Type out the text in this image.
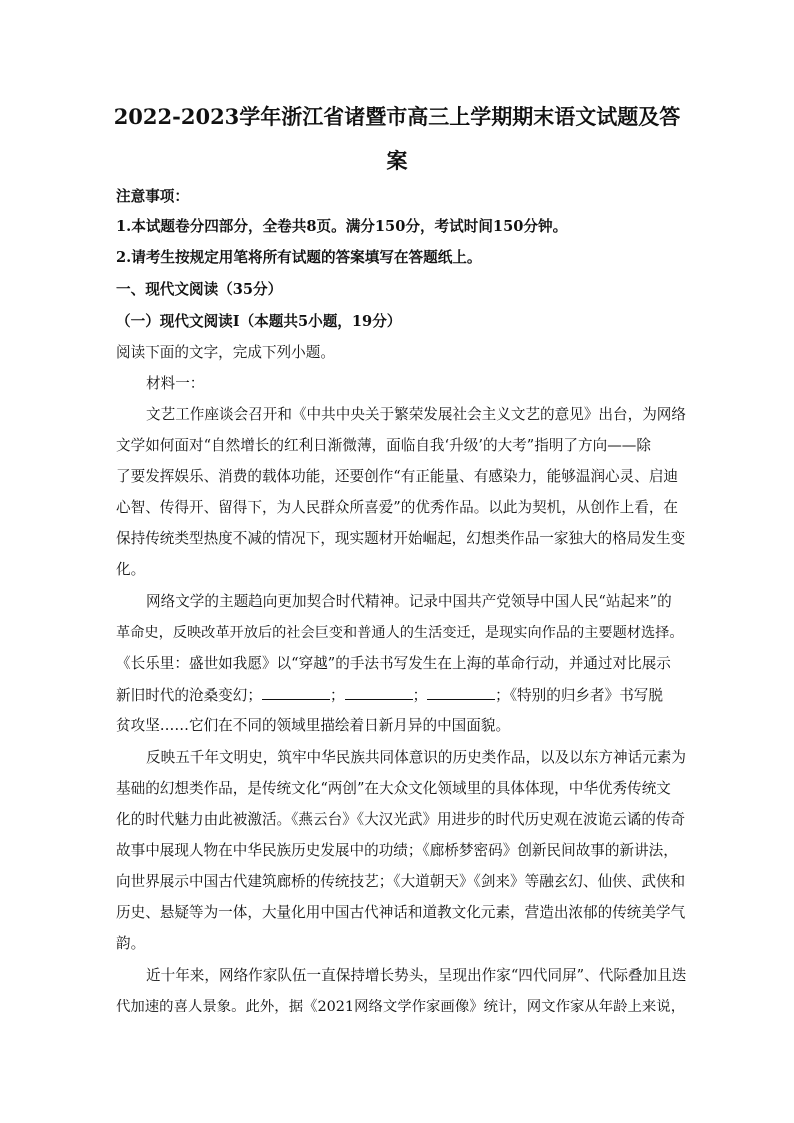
2022-2023学年浙江省诸暨市高三上学期期末语文试题及答
案

注意事项：

1.本试题卷分四部分，全卷共8页。满分150分，考试时间150分钟。

2.请考生按规定用笔将所有试题的答案填写在答题纸上。

一、现代文阅读（35分）

（一）现代文阅读Ⅰ（本题共5小题，19分）

阅读下面的文字，完成下列小题。

材料一：

文艺工作座谈会召开和《中共中央关于繁荣发展社会主义文艺的意见》出台，为网络

文学如何面对“自然增长的红利日渐微薄，面临自我‘升级’的大考”指明了方向——除

了要发挥娱乐、消费的载体功能，还要创作“有正能量、有感染力，能够温润心灵、启迪

心智、传得开、留得下，为人民群众所喜爱”的优秀作品。以此为契机，从创作上看，在

保持传统类型热度不减的情况下，现实题材开始崛起，幻想类作品一家独大的格局发生变

化。

网络文学的主题趋向更加契合时代精神。记录中国共产党领导中国人民“站起来”的

革命史，反映改革开放后的社会巨变和普通人的生活变迁，是现实向作品的主要题材选择。

《长乐里：盛世如我愿》以“穿越”的手法书写发生在上海的革命行动，并通过对比展示

新旧时代的沧桑变幻；	；	；	；《特别的归乡者》书写脱

贫攻坚……它们在不同的领域里描绘着日新月异的中国面貌。

反映五千年文明史，筑牢中华民族共同体意识的历史类作品，以及以东方神话元素为

基础的幻想类作品，是传统文化“两创”在大众文化领域里的具体体现，中华优秀传统文

化的时代魅力由此被激活。《燕云台》《大汉光武》用进步的时代历史观在波诡云谲的传奇

故事中展现人物在中华民族历史发展中的功绩；《廊桥梦密码》创新民间故事的新讲法，

向世界展示中国古代建筑廊桥的传统技艺；《大道朝天》《剑来》等融玄幻、仙侠、武侠和

历史、悬疑等为一体，大量化用中国古代神话和道教文化元素，营造出浓郁的传统美学气

韵。

近十年来，网络作家队伍一直保持增长势头，呈现出作家“四代同屏”、代际叠加且迭

代加速的喜人景象。此外，据《2021网络文学作家画像》统计，网文作家从年龄上来说，
